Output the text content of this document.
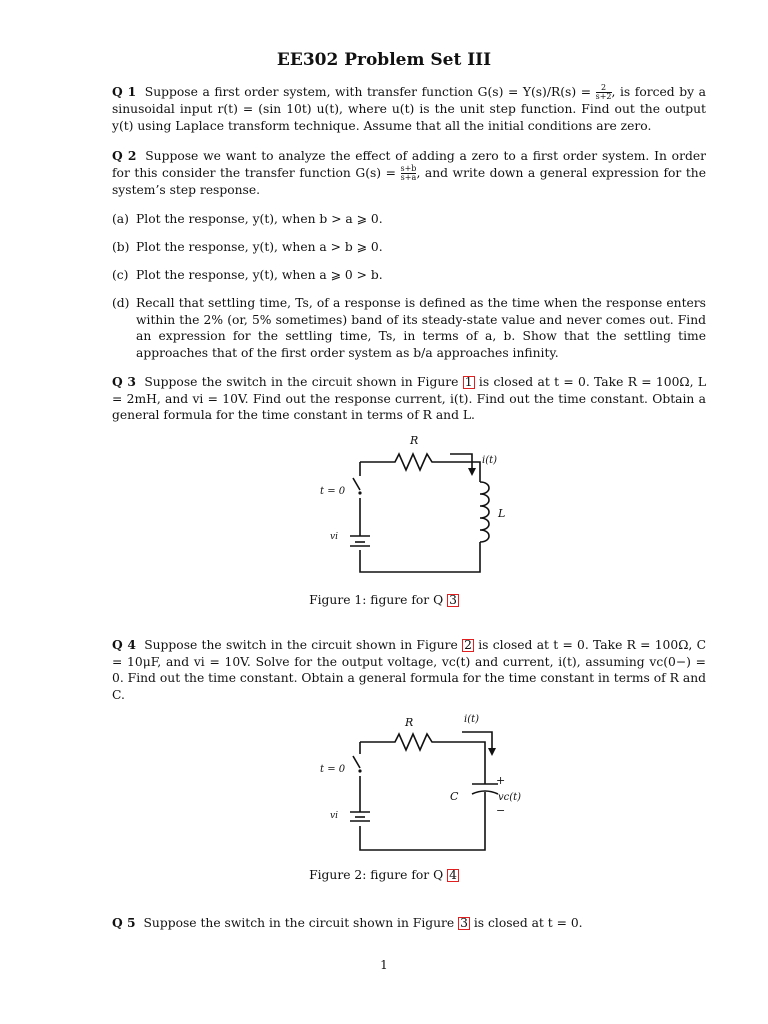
EE302 Problem Set III
Q 1 Suppose a first order system, with transfer function $G(s) = Y(s)/R(s) = \frac{2}{s+2}$ , is forced by a sinusoidal input r(t) = (sin 10t) u(t), where u(t) is the unit step function. Find out the output y(t) using Laplace transform technique. Assume that all the initial conditions are zero.
Q 2 Suppose we want to analyze the effect of adding a zero to a first order system. In order for this consider the transfer function $G(s) = \frac{s+b}{s+a}$ , and write down a general expression for the system’s step response.
(a) Plot the response, y(t), when b > a ⩾ 0.
(b) Plot the response, y(t), when a > b ⩾ 0.
(c) Plot the response, y(t), when a ⩾ 0 > b.
(d) Recall that settling time, Ts, of a response is defined as the time when the response enters within the 2% (or, 5% sometimes) band of its steady-state value and never comes out. Find an expression for the settling time, Ts, in terms of a, b. Show that the settling time approaches that of the first order system as b/a approaches infinity.
Q 3 Suppose the switch in the circuit shown in Figure 1 is closed at t = 0. Take R = 100Ω, L = 2mH, and vi = 10V. Find out the response current, i(t). Find out the time constant. Obtain a general formula for the time constant in terms of R and L.
R
i(t)
t = 0
L
vi
Figure 1: figure for Q 3
Q 4 Suppose the switch in the circuit shown in Figure 2 is closed at t = 0. Take R = 100Ω, C = 10μF, and vi = 10V. Solve for the output voltage, vc(t) and current, i(t), assuming vc(0−) = 0. Find out the time constant. Obtain a general formula for the time constant in terms of R and C.
R	i(t)
t = 0
C
+
vc(t)
−
vi
Figure 2: figure for Q 4
Q 5 Suppose the switch in the circuit shown in Figure 3 is closed at t = 0.
1
